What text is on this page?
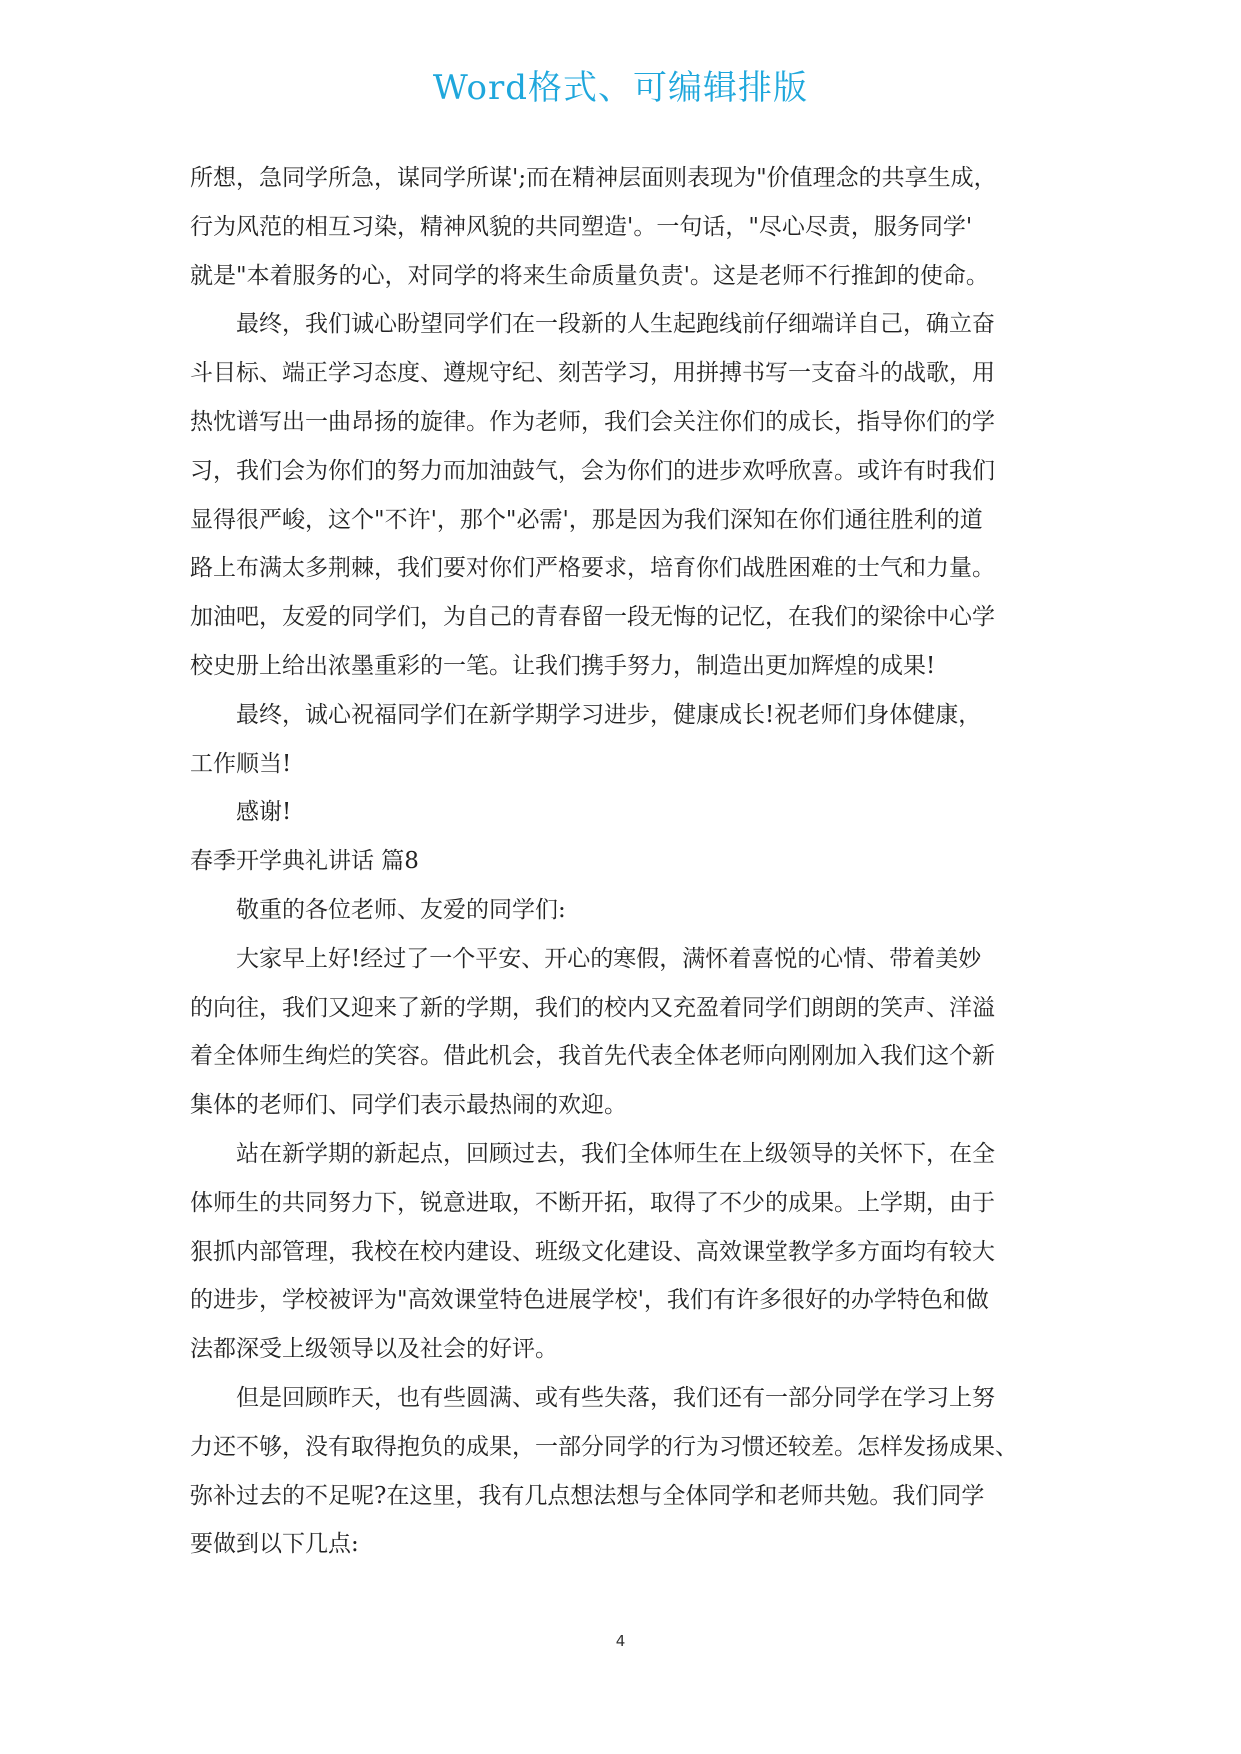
Word格式、可编辑排版

所想，急同学所急，谋同学所谋';而在精神层面则表现为"价值理念的共享生成，

行为风范的相互习染，精神风貌的共同塑造'。一句话，"尽心尽责，服务同学'

就是"本着服务的心，对同学的将来生命质量负责'。这是老师不行推卸的使命。

最终，我们诚心盼望同学们在一段新的人生起跑线前仔细端详自己，确立奋

斗目标、端正学习态度、遵规守纪、刻苦学习，用拼搏书写一支奋斗的战歌，用

热忱谱写出一曲昂扬的旋律。作为老师，我们会关注你们的成长，指导你们的学

习，我们会为你们的努力而加油鼓气，会为你们的进步欢呼欣喜。或许有时我们

显得很严峻，这个"不许'，那个"必需'，那是因为我们深知在你们通往胜利的道

路上布满太多荆棘，我们要对你们严格要求，培育你们战胜困难的士气和力量。

加油吧，友爱的同学们，为自己的青春留一段无悔的记忆，在我们的梁徐中心学

校史册上给出浓墨重彩的一笔。让我们携手努力，制造出更加辉煌的成果!

最终，诚心祝福同学们在新学期学习进步，健康成长!祝老师们身体健康，

工作顺当!

感谢!

春季开学典礼讲话 篇8

敬重的各位老师、友爱的同学们:

大家早上好!经过了一个平安、开心的寒假，满怀着喜悦的心情、带着美妙

的向往，我们又迎来了新的学期，我们的校内又充盈着同学们朗朗的笑声、洋溢

着全体师生绚烂的笑容。借此机会，我首先代表全体老师向刚刚加入我们这个新

集体的老师们、同学们表示最热闹的欢迎。

站在新学期的新起点，回顾过去，我们全体师生在上级领导的关怀下，在全

体师生的共同努力下，锐意进取，不断开拓，取得了不少的成果。上学期，由于

狠抓内部管理，我校在校内建设、班级文化建设、高效课堂教学多方面均有较大

的进步，学校被评为"高效课堂特色进展学校'，我们有许多很好的办学特色和做

法都深受上级领导以及社会的好评。

但是回顾昨天，也有些圆满、或有些失落，我们还有一部分同学在学习上努

力还不够，没有取得抱负的成果，一部分同学的行为习惯还较差。怎样发扬成果、

弥补过去的不足呢?在这里，我有几点想法想与全体同学和老师共勉。我们同学

要做到以下几点:

4
